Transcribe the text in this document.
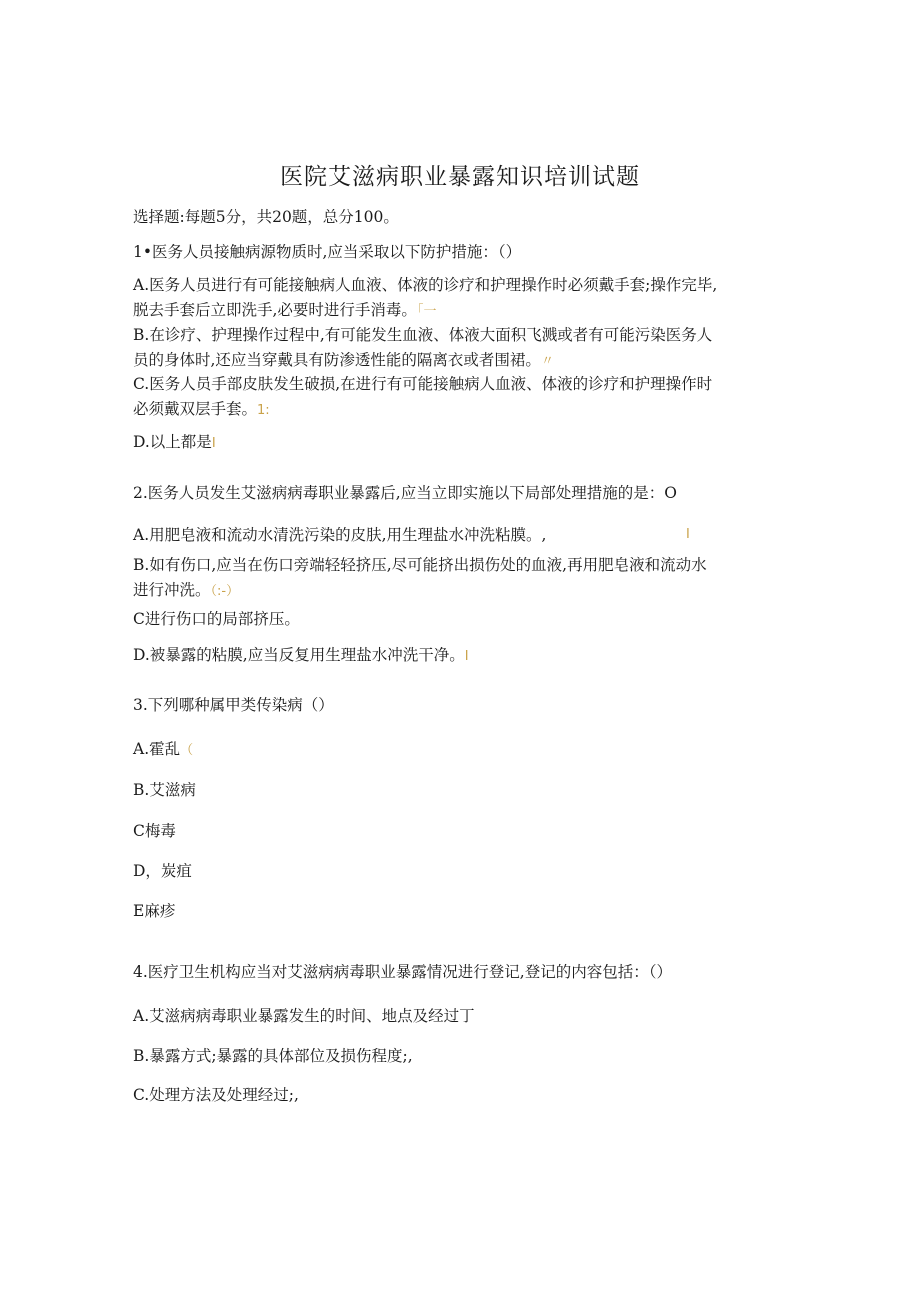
医院艾滋病职业暴露知识培训试题
选择题:每题5分，共20题，总分100。
1•医务人员接触病源物质时,应当采取以下防护措施：（）
A.医务人员进行有可能接触病人血液、体液的诊疗和护理操作时必须戴手套;操作完毕,
脱去手套后立即洗手,必要时进行手消毒。「一
B.在诊疗、护理操作过程中,有可能发生血液、体液大面积飞溅或者有可能污染医务人
员的身体时,还应当穿戴具有防渗透性能的隔离衣或者围裙。〃
C.医务人员手部皮肤发生破损,在进行有可能接触病人血液、体液的诊疗和护理操作时
必须戴双层手套。1:
D.以上都是I
2.医务人员发生艾滋病病毒职业暴露后,应当立即实施以下局部处理措施的是：O
A.用肥皂液和流动水清洗污染的皮肤,用生理盐水冲洗粘膜。,	I
B.如有伤口,应当在伤口旁端轻轻挤压,尽可能挤出损伤处的血液,再用肥皂液和流动水
进行冲洗。（:-）
C进行伤口的局部挤压。
D.被暴露的粘膜,应当反复用生理盐水冲洗干净。I
3.下列哪种属甲类传染病（）
A.霍乱（
B.艾滋病
C梅毒
D，炭疽
E麻疹
4.医疗卫生机构应当对艾滋病病毒职业暴露情况进行登记,登记的内容包括：（）
A.艾滋病病毒职业暴露发生的时间、地点及经过丁
B.暴露方式;暴露的具体部位及损伤程度;,
C.处理方法及处理经过;,
